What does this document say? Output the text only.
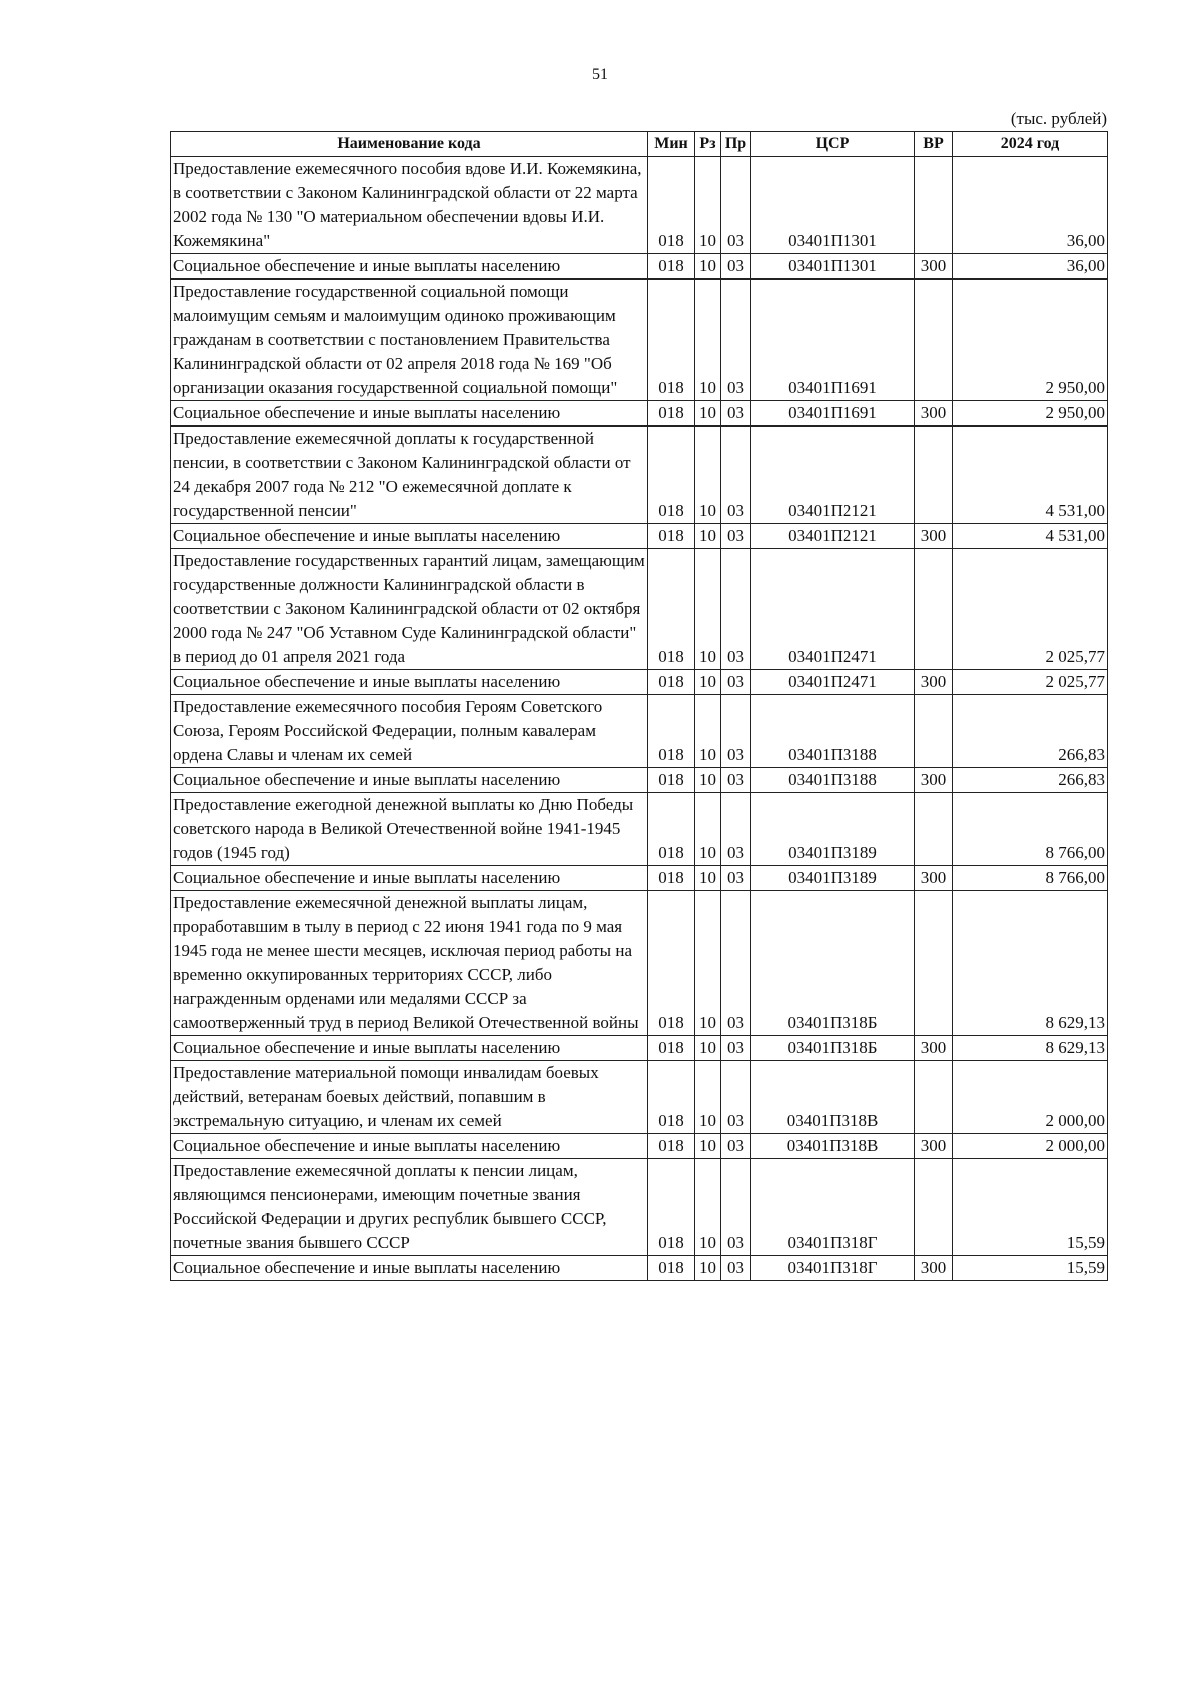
51
(тыс. рублей)
Наименование кода	Мин	Рз	Пр	ЦСР	ВР	2024 год
Предоставление ежемесячного пособия вдове И.И. Кожемякина, в соответствии с Законом Калининградской области от 22 марта 2002 года № 130 "О материальном обеспечении вдовы И.И. Кожемякина"	018	10	03	03401П1301		36,00
Социальное обеспечение и иные выплаты населению	018	10	03	03401П1301	300	36,00
Предоставление государственной социальной помощи малоимущим семьям и малоимущим одиноко проживающим гражданам в соответствии с постановлением Правительства Калининградской области от 02 апреля 2018 года № 169 "Об организации оказания государственной социальной помощи"	018	10	03	03401П1691		2 950,00
Социальное обеспечение и иные выплаты населению	018	10	03	03401П1691	300	2 950,00
Предоставление ежемесячной доплаты к государственной пенсии, в соответствии с Законом Калининградской области от 24 декабря 2007 года № 212 "О ежемесячной доплате к государственной пенсии"	018	10	03	03401П2121		4 531,00
Социальное обеспечение и иные выплаты населению	018	10	03	03401П2121	300	4 531,00
Предоставление государственных гарантий лицам, замещающим государственные должности Калининградской области в соответствии с Законом Калининградской области от 02 октября 2000 года № 247 "Об Уставном Суде Калининградской области" в период до 01 апреля 2021 года	018	10	03	03401П2471		2 025,77
Социальное обеспечение и иные выплаты населению	018	10	03	03401П2471	300	2 025,77
Предоставление ежемесячного пособия Героям Советского Союза, Героям Российской Федерации, полным кавалерам ордена Славы и членам их семей	018	10	03	03401П3188		266,83
Социальное обеспечение и иные выплаты населению	018	10	03	03401П3188	300	266,83
Предоставление ежегодной денежной выплаты ко Дню Победы советского народа в Великой Отечественной войне 1941-1945 годов (1945 год)	018	10	03	03401П3189		8 766,00
Социальное обеспечение и иные выплаты населению	018	10	03	03401П3189	300	8 766,00
Предоставление ежемесячной денежной выплаты лицам, проработавшим в тылу в период с 22 июня 1941 года по 9 мая 1945 года не менее шести месяцев, исключая период работы на временно оккупированных территориях СССР, либо награжденным орденами или медалями СССР за самоотверженный труд в период Великой Отечественной войны	018	10	03	03401П318Б		8 629,13
Социальное обеспечение и иные выплаты населению	018	10	03	03401П318Б	300	8 629,13
Предоставление материальной помощи инвалидам боевых действий, ветеранам боевых действий, попавшим в экстремальную ситуацию, и членам их семей	018	10	03	03401П318В		2 000,00
Социальное обеспечение и иные выплаты населению	018	10	03	03401П318В	300	2 000,00
Предоставление ежемесячной доплаты к пенсии лицам, являющимся пенсионерами, имеющим почетные звания Российской Федерации и других республик бывшего СССР, почетные звания бывшего СССР	018	10	03	03401П318Г		15,59
Социальное обеспечение и иные выплаты населению	018	10	03	03401П318Г	300	15,59
